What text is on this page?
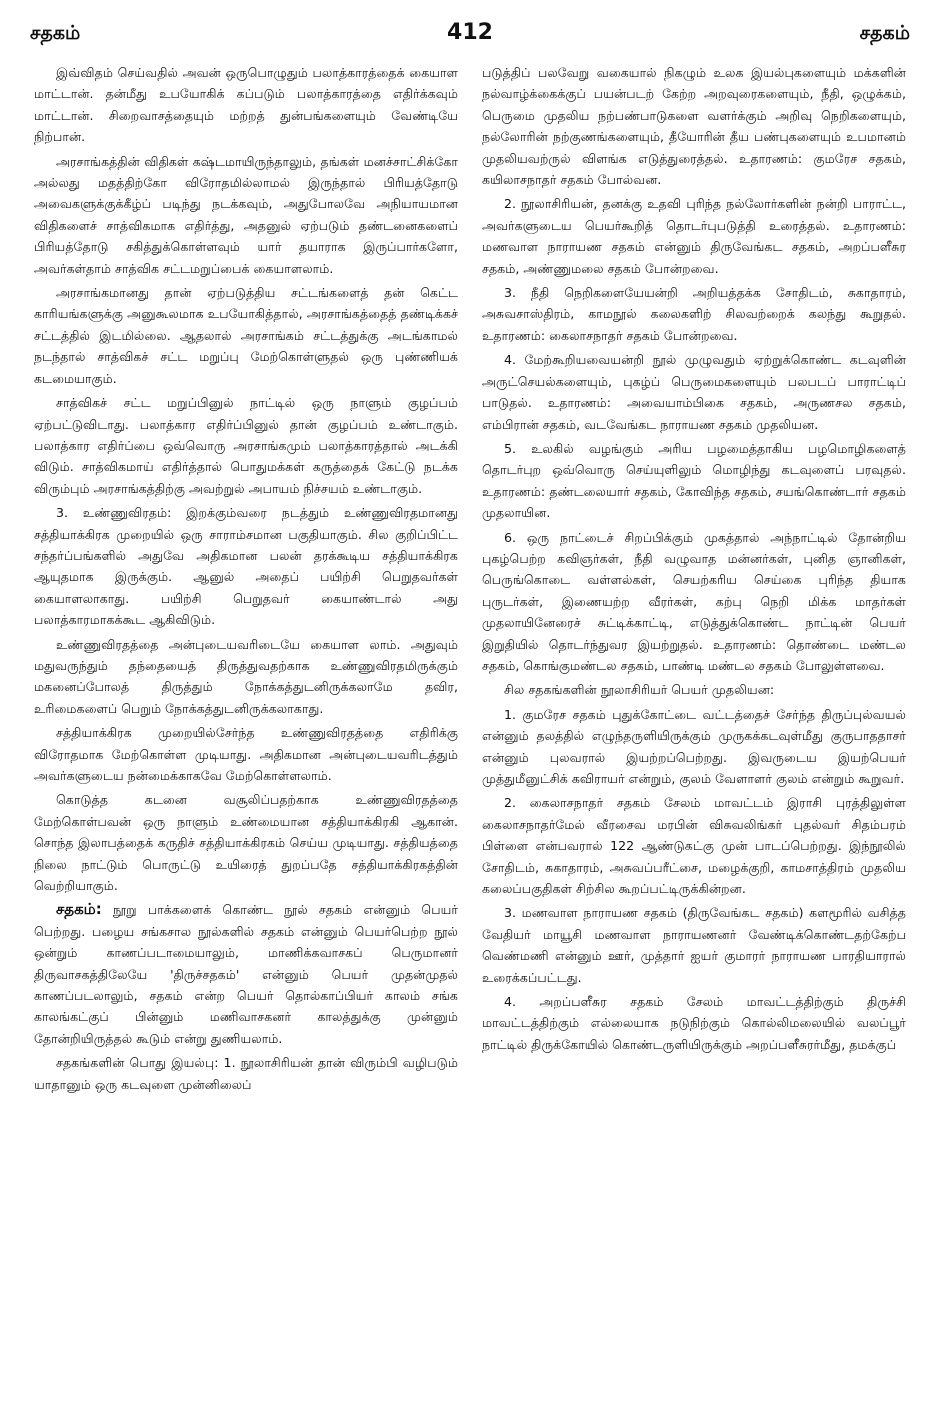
சதகம்	412	சதகம்

இவ்விதம் செய்வதில் அவன் ஒருபொழுதும் பலாத்காரத்தைக் கையாள மாட்டான். தன்மீது உபயோகிக் கப்படும் பலாத்காரத்தை எதிர்க்கவும் மாட்டான். சிறைவாசத்தையும் மற்றத் துன்பங்களையும் வேண்டியே நிற்பான்.

அரசாங்கத்தின் விதிகள் கஷ்டமாயிருந்தாலும், தங்கள் மனச்சாட்சிக்கோ அல்லது மதத்திற்கோ விரோதமில்லாமல் இருந்தால் பிரியத்தோடு அவைகளுக்குக்கீழ்ப் படிந்து நடக்கவும், அதுபோலவே அநியாயமான விதிகளைச் சாத்விகமாக எதிர்த்து, அதனுல் ஏற்படும் தண்டனைகளைப் பிரியத்தோடு சகித்துக்கொள்ளவும் யார் தயாராக இருப்பார்களோ, அவர்கள்தாம் சாத்விக சட்டமறுப்பைக் கையாளலாம்.

அரசாங்கமானது தான் ஏற்படுத்திய சட்டங்களைத் தன் கெட்ட காரியங்களுக்கு அனுகூலமாக உபயோகித்தால், அரசாங்கத்தைத் தண்டிக்கச் சட்டத்தில் இடமில்லை. ஆதலால் அரசாங்கம் சட்டத்துக்கு அடங்காமல் நடந்தால் சாத்விகச் சட்ட மறுப்பு மேற்கொள்ளுதல் ஒரு புண்ணியக் கடமையாகும்.

சாத்விகச் சட்ட மறுப்பினுல் நாட்டில் ஒரு நாளும் குழப்பம் ஏற்பட்டுவிடாது. பலாத்கார எதிர்ப்பினுல் தான் குழப்பம் உண்டாகும். பலாத்கார எதிர்ப்பை ஒவ்வொரு அரசாங்கமும் பலாத்காரத்தால் அடக்கி விடும். சாத்விகமாய் எதிர்த்தால் பொதுமக்கள் கருத்தைக் கேட்டு நடக்க விரும்பும் அரசாங்கத்திற்கு அவற்றுல் அபாயம் நிச்சயம் உண்டாகும்.

3. உண்ணுவிரதம்: இறக்கும்வரை நடத்தும் உண்ணுவிரதமானது சத்தியாக்கிரக முறையில் ஒரு சாராம்சமான பகுதியாகும். சில குறிப்பிட்ட சந்தர்ப்பங்களில் அதுவே அதிகமான பலன் தரக்கூடிய சத்தியாக்கிரக ஆயுதமாக இருக்கும். ஆனுல் அதைப் பயிற்சி பெறுதவர்கள் கையாளலாகாது. பயிற்சி பெறுதவர் கையாண்டால் அது பலாத்காரமாகக்கூட ஆகிவிடும்.

உண்ணுவிரதத்தை அன்புடையவரிடையே கையாள லாம். அதுவும் மதுவருந்தும் தந்தையைத் திருத்துவதற்காக உண்ணுவிரதமிருக்கும் மகனைப்போலத் திருத்தும் நோக்கத்துடனிருக்கலாமே தவிர, உரிமைகளைப் பெறும் நோக்கத்துடனிருக்கலாகாது.

சத்தியாக்கிரக முறையில்சேர்ந்த உண்ணுவிரதத்தை எதிரிக்கு விரோதமாக மேற்கொள்ள முடியாது. அதிகமான அன்புடையவரிடத்தும் அவர்களுடைய நன்மைக்காகவே மேற்கொள்ளலாம்.

கொடுத்த கடனை வசூலிப்பதற்காக உண்ணுவிரதத்தை மேற்கொள்பவன் ஒரு நாளும் உண்மையான சத்தியாக்கிரகி ஆகான். சொந்த இலாபத்தைக் கருதிச் சத்தியாக்கிரகம் செய்ய முடியாது. சத்தியத்தை நிலை நாட்டும் பொருட்டு உயிரைத் துறப்பதே சத்தியாக்கிரகத்தின் வெற்றியாகும்.

சதகம்: நூறு பாக்களைக் கொண்ட நூல் சதகம் என்னும் பெயர் பெற்றது. பழைய சங்கசால நூல்களில் சதகம் என்னும் பெயர்பெற்ற நூல் ஒன்றும் காணப்படாமையாலும், மாணிக்கவாசகப் பெருமானர் திருவாசகத்திலேயே 'திருச்சதகம்' என்னும் பெயர் முதன்முதல் காணப்படலாலும், சதகம் என்ற பெயர் தொல்காப்பியர் காலம் சங்க காலங்கட்குப் பின்னும் மணிவாசகனர் காலத்துக்கு முன்னும் தோன்றியிருத்தல் கூடும் என்று துணியலாம்.

சதகங்களின் பொது இயல்பு: 1. நூலாசிரியன் தான் விரும்பி வழிபடும் யாதானும் ஒரு கடவுளை முன்னிலைப்

படுத்திப் பலவேறு வகையால் நிகழும் உலக இயல்புகளையும் மக்களின் நல்வாழ்க்கைக்குப் பயன்படற் கேற்ற அறவுரைகளையும், நீதி, ஒழுக்கம், பெருமை முதலிய நற்பண்பாடுகளை வளர்க்கும் அறிவு நெறிகளையும், நல்லோரின் நற்குணங்களையும், தீயோரின் தீய பண்புகளையும் உபமானம் முதலியவற்ருல் விளங்க எடுத்துரைத்தல். உதாரணம்: குமரேச சதகம், கயிலாசநாதர் சதகம் போல்வன.

2. நூலாசிரியன், தனக்கு உதவி புரிந்த நல்லோர்களின் நன்றி பாராட்ட, அவர்களுடைய பெயர்கூறித் தொடர்புபடுத்தி உரைத்தல். உதாரணம்: மணவாள நாராயண சதகம் என்னும் திருவேங்கட சதகம், அறப்பளீசுர சதகம், அண்ணுமலை சதகம் போன்றவை.

3. நீதி நெறிகளையேயன்றி அறியத்தக்க சோதிடம், சுகாதாரம், அசுவசாஸ்திரம், காமநூல் கலைகளிற் சிலவற்றைக் கலந்து கூறுதல். உதாரணம்: கைலாசநாதர் சதகம் போன்றவை.

4. மேற்கூறியவையன்றி நூல் முழுவதும் ஏற்றுக்கொண்ட கடவுளின் அருட்செயல்களையும், புகழ்ப் பெருமைகளையும் பலபடப் பாராட்டிப் பாடுதல். உதாரணம்: அவையாம்பிகை சதகம், அருணசல சதகம், எம்பிரான் சதகம், வடவேங்கட நாராயண சதகம் முதலியன.

5. உலகில் வழங்கும் அரிய பழமைத்தாகிய பழமொழிகளைத் தொடர்புற ஒவ்வொரு செய்யுளிலும் மொழிந்து கடவுளைப் பரவுதல். உதாரணம்: தண்டலையார் சதகம், கோவிந்த சதகம், சயங்கொண்டார் சதகம் முதலாயின.

6. ஒரு நாட்டைச் சிறப்பிக்கும் முகத்தால் அந்நாட்டில் தோன்றிய புகழ்பெற்ற கவிஞர்கள், நீதி வழுவாத மன்னர்கள், புனித ஞானிகள், பெருங்கொடை வள்ளல்கள், செயற்கரிய செய்கை புரிந்த தியாக புருடர்கள், இணையற்ற வீரர்கள், கற்பு நெறி மிக்க மாதர்கள் முதலாயினேரைச் சுட்டிக்காட்டி, எடுத்துக்கொண்ட நாட்டின் பெயர் இறுதியில் தொடர்ந்துவர இயற்றுதல். உதாரணம்: தொண்டை மண்டல சதகம், கொங்குமண்டல சதகம், பாண்டி மண்டல சதகம் போலுள்ளவை.

சில சதகங்களின் நூலாசிரியர் பெயர் முதலியன:

1. குமரேச சதகம் புதுக்கோட்டை வட்டத்தைச் சேர்ந்த திருப்புல்வயல் என்னும் தலத்தில் எழுந்தருளியிருக்கும் முருகக்கடவுள்மீது குருபாததாசர் என்னும் புலவரால் இயற்றப்பெற்றது. இவருடைய இயற்பெயர் முத்துமீனுட்சிக் கவிராயர் என்றும், குலம் வேளாளர் குலம் என்றும் கூறுவர்.

2. கைலாசநாதர் சதகம் சேலம் மாவட்டம் இராசி புரத்திலுள்ள கைலாசநாதர்மேல் வீரசைவ மரபின் விசுவலிங்கர் புதல்வர் சிதம்பரம் பிள்ளை என்பவரால் 122 ஆண்டுகட்கு முன் பாடப்பெற்றது. இந்நூலில் சோதிடம், சுகாதாரம், அசுவப்பரீட்சை, மழைக்குறி, காமசாத்திரம் முதலிய கலைப்பகுதிகள் சிற்சில கூறப்பட்டிருக்கின்றன.

3. மணவாள நாராயண சதகம் (திருவேங்கட சதகம்) களமூரில் வசித்த வேதியர் மாயூசி மணவாள நாராயணனர் வேண்டிக்கொண்டதற்கேற்ப வெண்மணி என்னும் ஊர், முத்தார் ஐயர் குமாரர் நாராயண பாரதியாரால் உரைக்கப்பட்டது.

4. அறப்பளீசுர சதகம் சேலம் மாவட்டத்திற்கும் திருச்சி மாவட்டத்திற்கும் எல்லையாக நடுநிற்கும் கொல்லிமலையில் வலப்பூர் நாட்டில் திருக்கோயில் கொண்டருளியிருக்கும் அறப்பளீசுரர்மீது, தமக்குப்
